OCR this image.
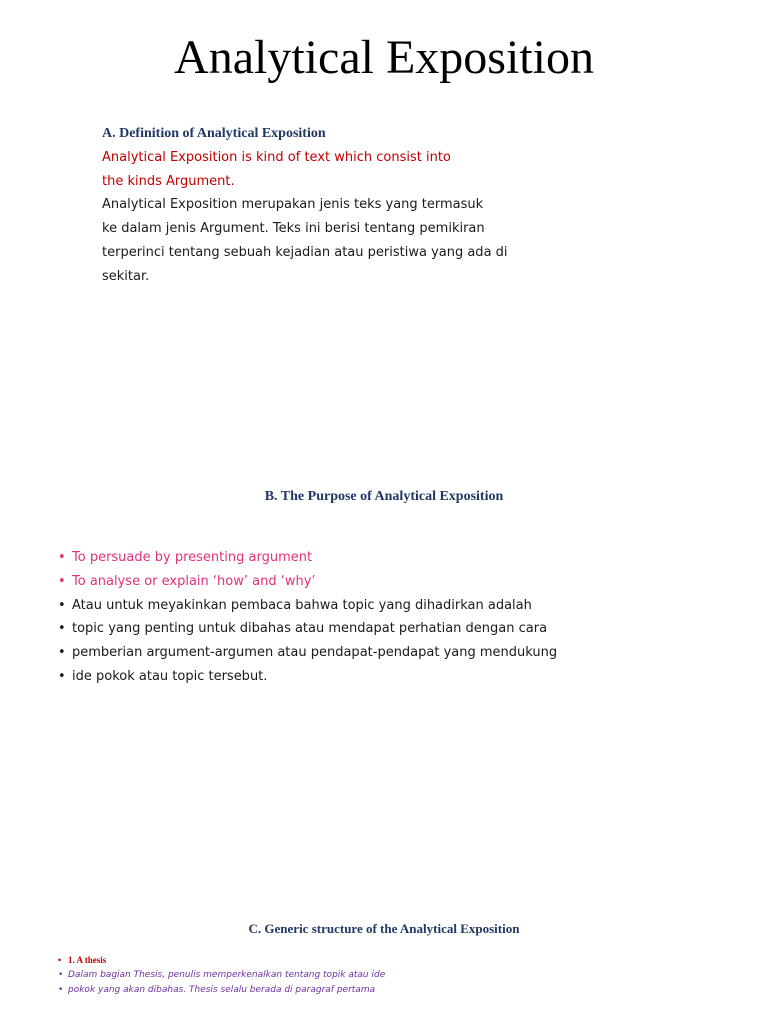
Analytical Exposition
A. Definition of Analytical Exposition

Analytical Exposition is kind of text which consist into
the kinds Argument.

Analytical Exposition merupakan jenis teks yang termasuk
ke dalam jenis Argument. Teks ini berisi tentang pemikiran
terperinci tentang sebuah kejadian atau peristiwa yang ada di
sekitar.

B. The Purpose of Analytical Exposition
• To persuade by presenting argument
• To analyse or explain ‘how’ and ‘why’
• Atau untuk meyakinkan pembaca bahwa topic yang dihadirkan adalah
• topic yang penting untuk dibahas atau mendapat perhatian dengan cara
• pemberian argument-argumen atau pendapat-pendapat yang mendukung
• ide pokok atau topic tersebut.
C. Generic structure of the Analytical Exposition
• 1. A thesis
• Dalam bagian Thesis, penulis memperkenalkan tentang topik atau ide
• pokok yang akan dibahas. Thesis selalu berada di paragraf pertama
